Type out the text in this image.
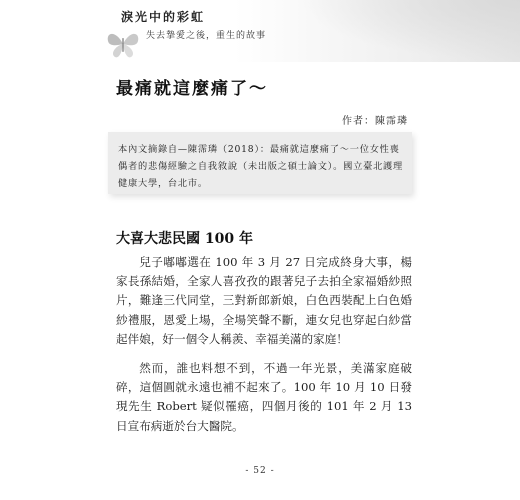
淚光中的彩虹
失去摯愛之後，重生的故事
最痛就這麼痛了～
作者：陳霈璘
本內文摘錄自—陳霈璘（2018）：最痛就這麼痛了～一位女性喪偶者的悲傷經驗之自我敘說（未出版之碩士論文）。國立臺北護理健康大學，台北市。
大喜大悲民國 100 年

兒子嘟嘟選在 100 年 3 月 27 日完成終身大事，楊家長孫結婚，全家人喜孜孜的跟著兒子去拍全家福婚紗照片，難逢三代同堂，三對新郎新娘，白色西裝配上白色婚紗禮服，恩愛上場，全場笑聲不斷，連女兒也穿起白紗當起伴娘，好一個令人稱羨、幸福美滿的家庭！

然而，誰也料想不到，不過一年光景，美滿家庭破碎，這個圓就永遠也補不起來了。100 年 10 月 10 日發現先生 Robert 疑似罹癌，四個月後的 101 年 2 月 13 日宣布病逝於台大醫院。

- 52 -
